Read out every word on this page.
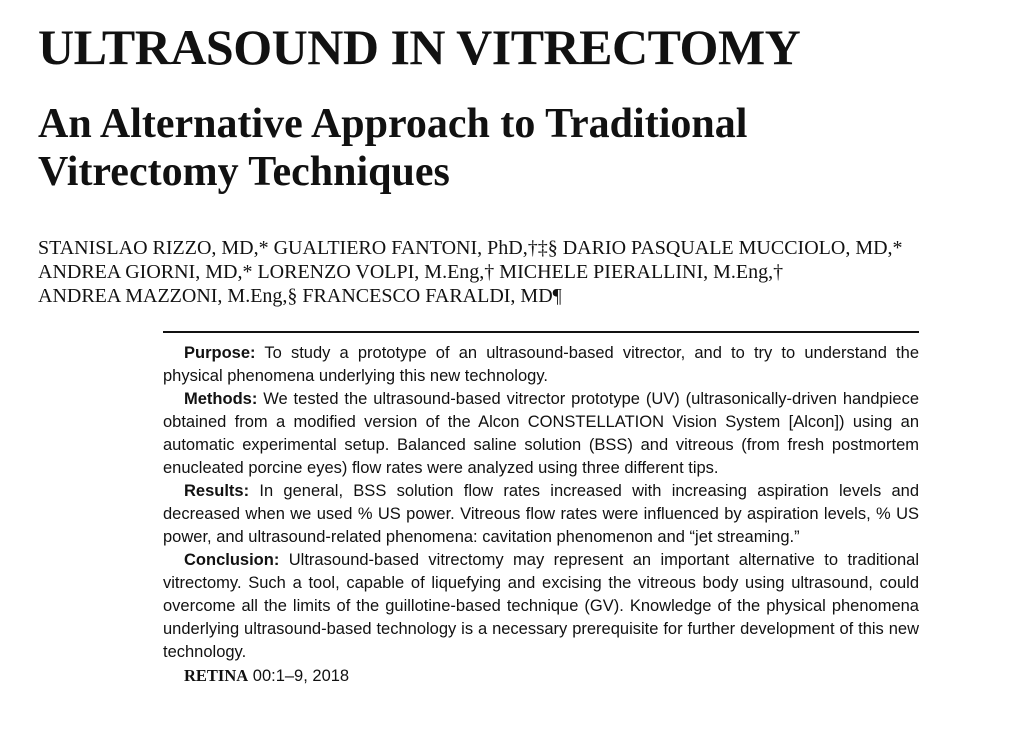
ULTRASOUND IN VITRECTOMY
An Alternative Approach to Traditional Vitrectomy Techniques
STANISLAO RIZZO, MD,* GUALTIERO FANTONI, PhD,†‡§ DARIO PASQUALE MUCCIOLO, MD,*
ANDREA GIORNI, MD,* LORENZO VOLPI, M.Eng,† MICHELE PIERALLINI, M.Eng,†
ANDREA MAZZONI, M.Eng,§ FRANCESCO FARALDI, MD¶

Purpose: To study a prototype of an ultrasound-based vitrector, and to try to understand the physical phenomena underlying this new technology.

Methods: We tested the ultrasound-based vitrector prototype (UV) (ultrasonically-driven handpiece obtained from a modified version of the Alcon CONSTELLATION Vision System [Alcon]) using an automatic experimental setup. Balanced saline solution (BSS) and vitreous (from fresh postmortem enucleated porcine eyes) flow rates were analyzed using three different tips.

Results: In general, BSS solution flow rates increased with increasing aspiration levels and decreased when we used % US power. Vitreous flow rates were influenced by aspiration levels, % US power, and ultrasound-related phenomena: cavitation phenomenon and “jet streaming.”

Conclusion: Ultrasound-based vitrectomy may represent an important alternative to traditional vitrectomy. Such a tool, capable of liquefying and excising the vitreous body using ultrasound, could overcome all the limits of the guillotine-based technique (GV). Knowledge of the physical phenomena underlying ultrasound-based technology is a necessary prerequisite for further development of this new technology.

RETINA 00:1–9, 2018
